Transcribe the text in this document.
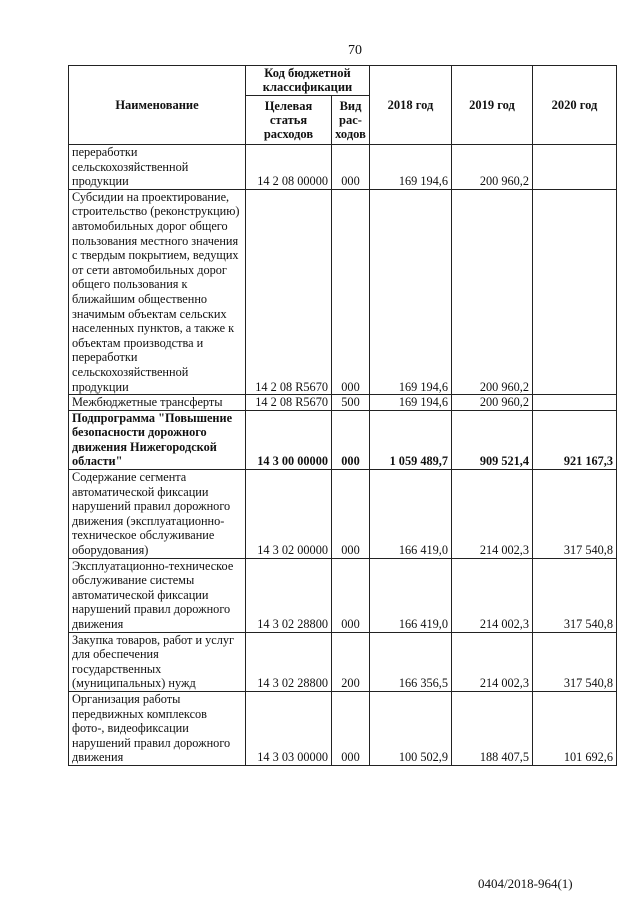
70
Наименование	Код бюджетной классификации		2018 год	2019 год	2020 год
	Целевая статья расходов	Вид рас-ходов			
переработки сельскохозяйственной продукции	14 2 08 00000	000	169 194,6	200 960,2	
Субсидии на проектирование, строительство (реконструкцию) автомобильных дорог общего пользования местного значения с твердым покрытием, ведущих от сети автомобильных дорог общего пользования к ближайшим общественно значимым объектам сельских населенных пунктов, а также к объектам производства и переработки сельскохозяйственной продукции	14 2 08 R5670	000	169 194,6	200 960,2	
Межбюджетные трансферты	14 2 08 R5670	500	169 194,6	200 960,2	
Подпрограмма "Повышение безопасности дорожного движения Нижегородской области"	14 3 00 00000	000	1 059 489,7	909 521,4	921 167,3
Содержание сегмента автоматической фиксации нарушений правил дорожного движения (эксплуатационно-техническое обслуживание оборудования)	14 3 02 00000	000	166 419,0	214 002,3	317 540,8
Эксплуатационно-техническое обслуживание системы автоматической фиксации нарушений правил дорожного движения	14 3 02 28800	000	166 419,0	214 002,3	317 540,8
Закупка товаров, работ и услуг для обеспечения государственных (муниципальных) нужд	14 3 02 28800	200	166 356,5	214 002,3	317 540,8
Организация работы передвижных комплексов фото-, видеофиксации нарушений правил дорожного движения	14 3 03 00000	000	100 502,9	188 407,5	101 692,6
0404/2018-964(1)
